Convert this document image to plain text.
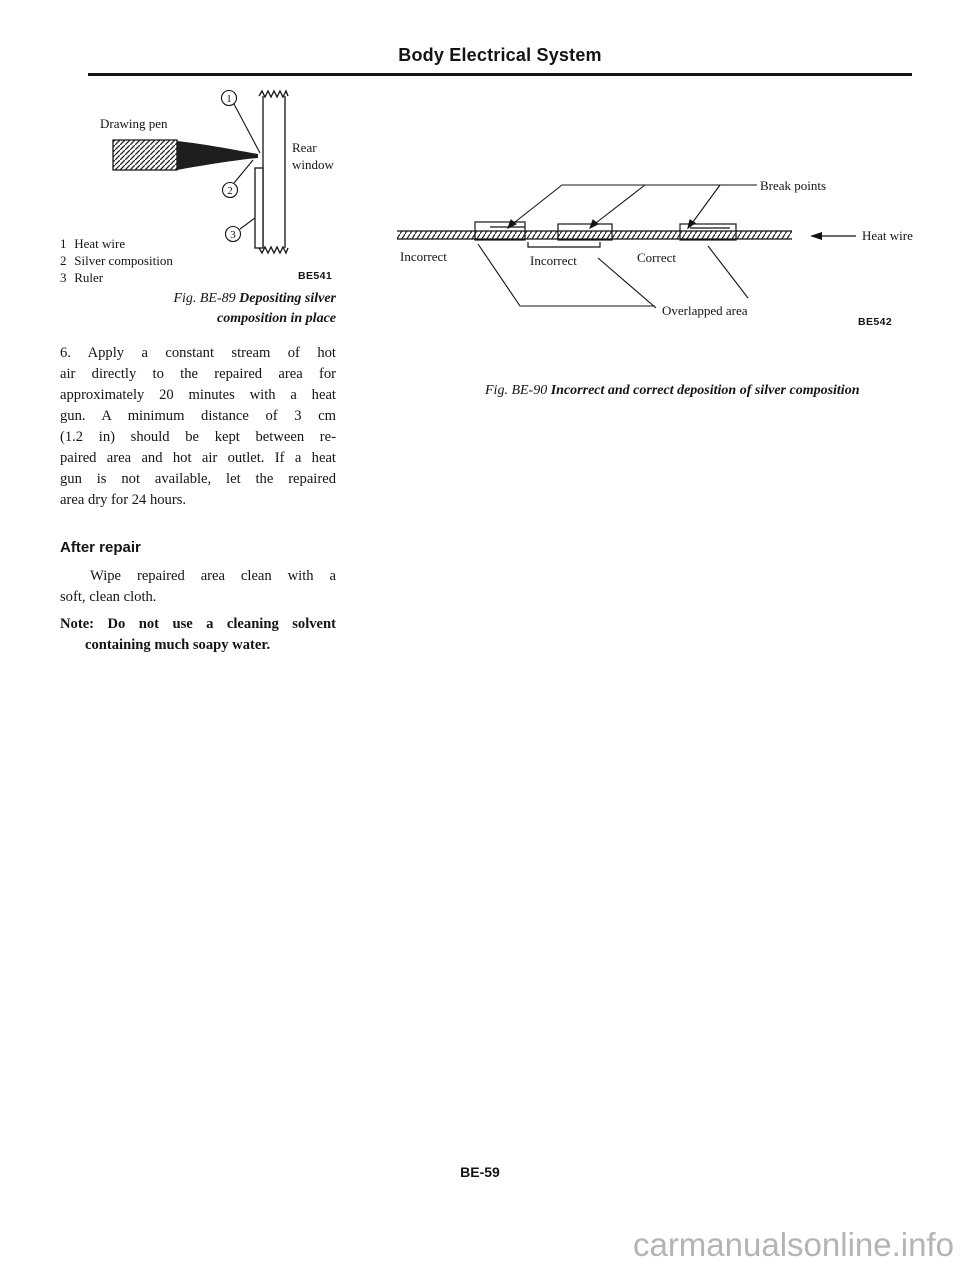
Body Electrical System
Drawing pen
1
2
3
Rear
window
1 Heat wire
2 Silver composition
3 Ruler	BE541
Fig. BE-89 Depositing silver
composition in place
6. Apply a constant stream of hot
air directly to the repaired area for
approximately 20 minutes with a heat
gun. A minimum distance of 3 cm
(1.2 in) should be kept between re-
paired area and hot air outlet. If a heat
gun is not available, let the repaired
area dry for 24 hours.
After repair
Wipe repaired area clean with a
soft, clean cloth.
Note: Do not use a cleaning solvent
containing much soapy water.
Break points
Heat wire
Incorrect	Incorrect	Correct
Overlapped area
BE542
Fig. BE-90 Incorrect and correct deposition of silver composition
BE-59
carmanualsonline.info
